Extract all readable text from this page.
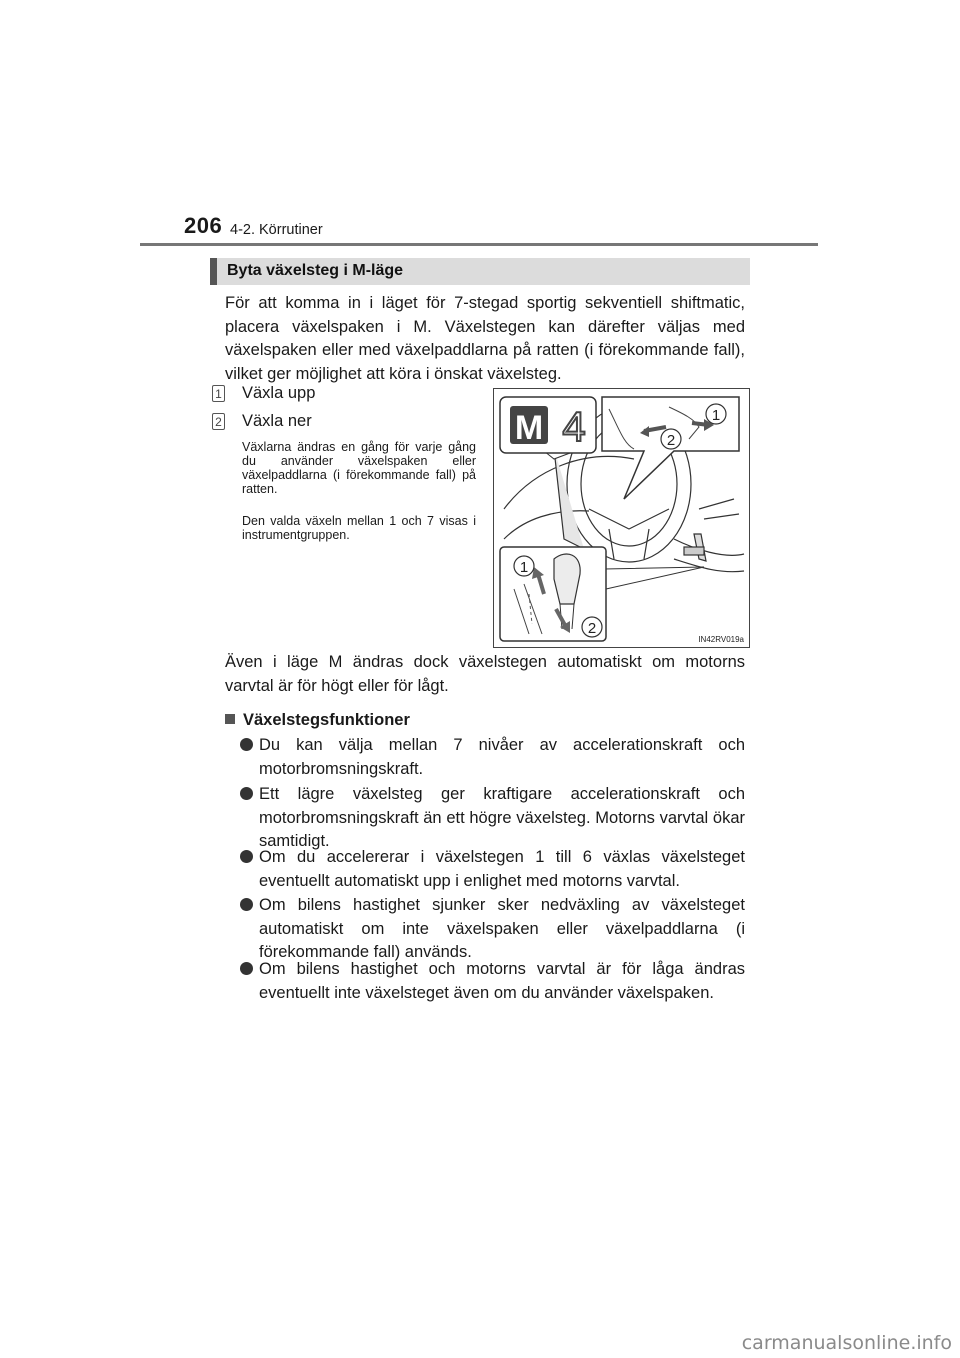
206 4-2. Körrutiner
Byta växelsteg i M-läge
För att komma in i läget för 7-stegad sportig sekventiell shiftmatic, placera växelspaken i M. Växelstegen kan därefter väljas med växelspaken eller med växelpaddlarna på ratten (i förekommande fall), vilket ger möjlighet att köra i önskat växelsteg.
1 Växla upp
2 Växla ner
Växlarna ändras en gång för varje gång du använder växelspaken eller växelpaddlarna (i förekommande fall) på ratten.
Den valda växeln mellan 1 och 7 visas i instrumentgruppen.
M 4	1
2
1
2
IN42RV019a
Även i läge M ändras dock växelstegen automatiskt om motorns varvtal är för högt eller för lågt.
Växelstegsfunktioner
Du kan välja mellan 7 nivåer av accelerationskraft och motorbromsningskraft.
Ett lägre växelsteg ger kraftigare accelerationskraft och motorbromsningskraft än ett högre växelsteg. Motorns varvtal ökar samtidigt.
Om du accelererar i växelstegen 1 till 6 växlas växelsteget eventuellt automatiskt upp i enlighet med motorns varvtal.
Om bilens hastighet sjunker sker nedväxling av växelsteget automatiskt om inte växelspaken eller växelpaddlarna (i förekommande fall) används.
Om bilens hastighet och motorns varvtal är för låga ändras eventuellt inte växelsteget även om du använder växelspaken.
carmanualsonline.info
